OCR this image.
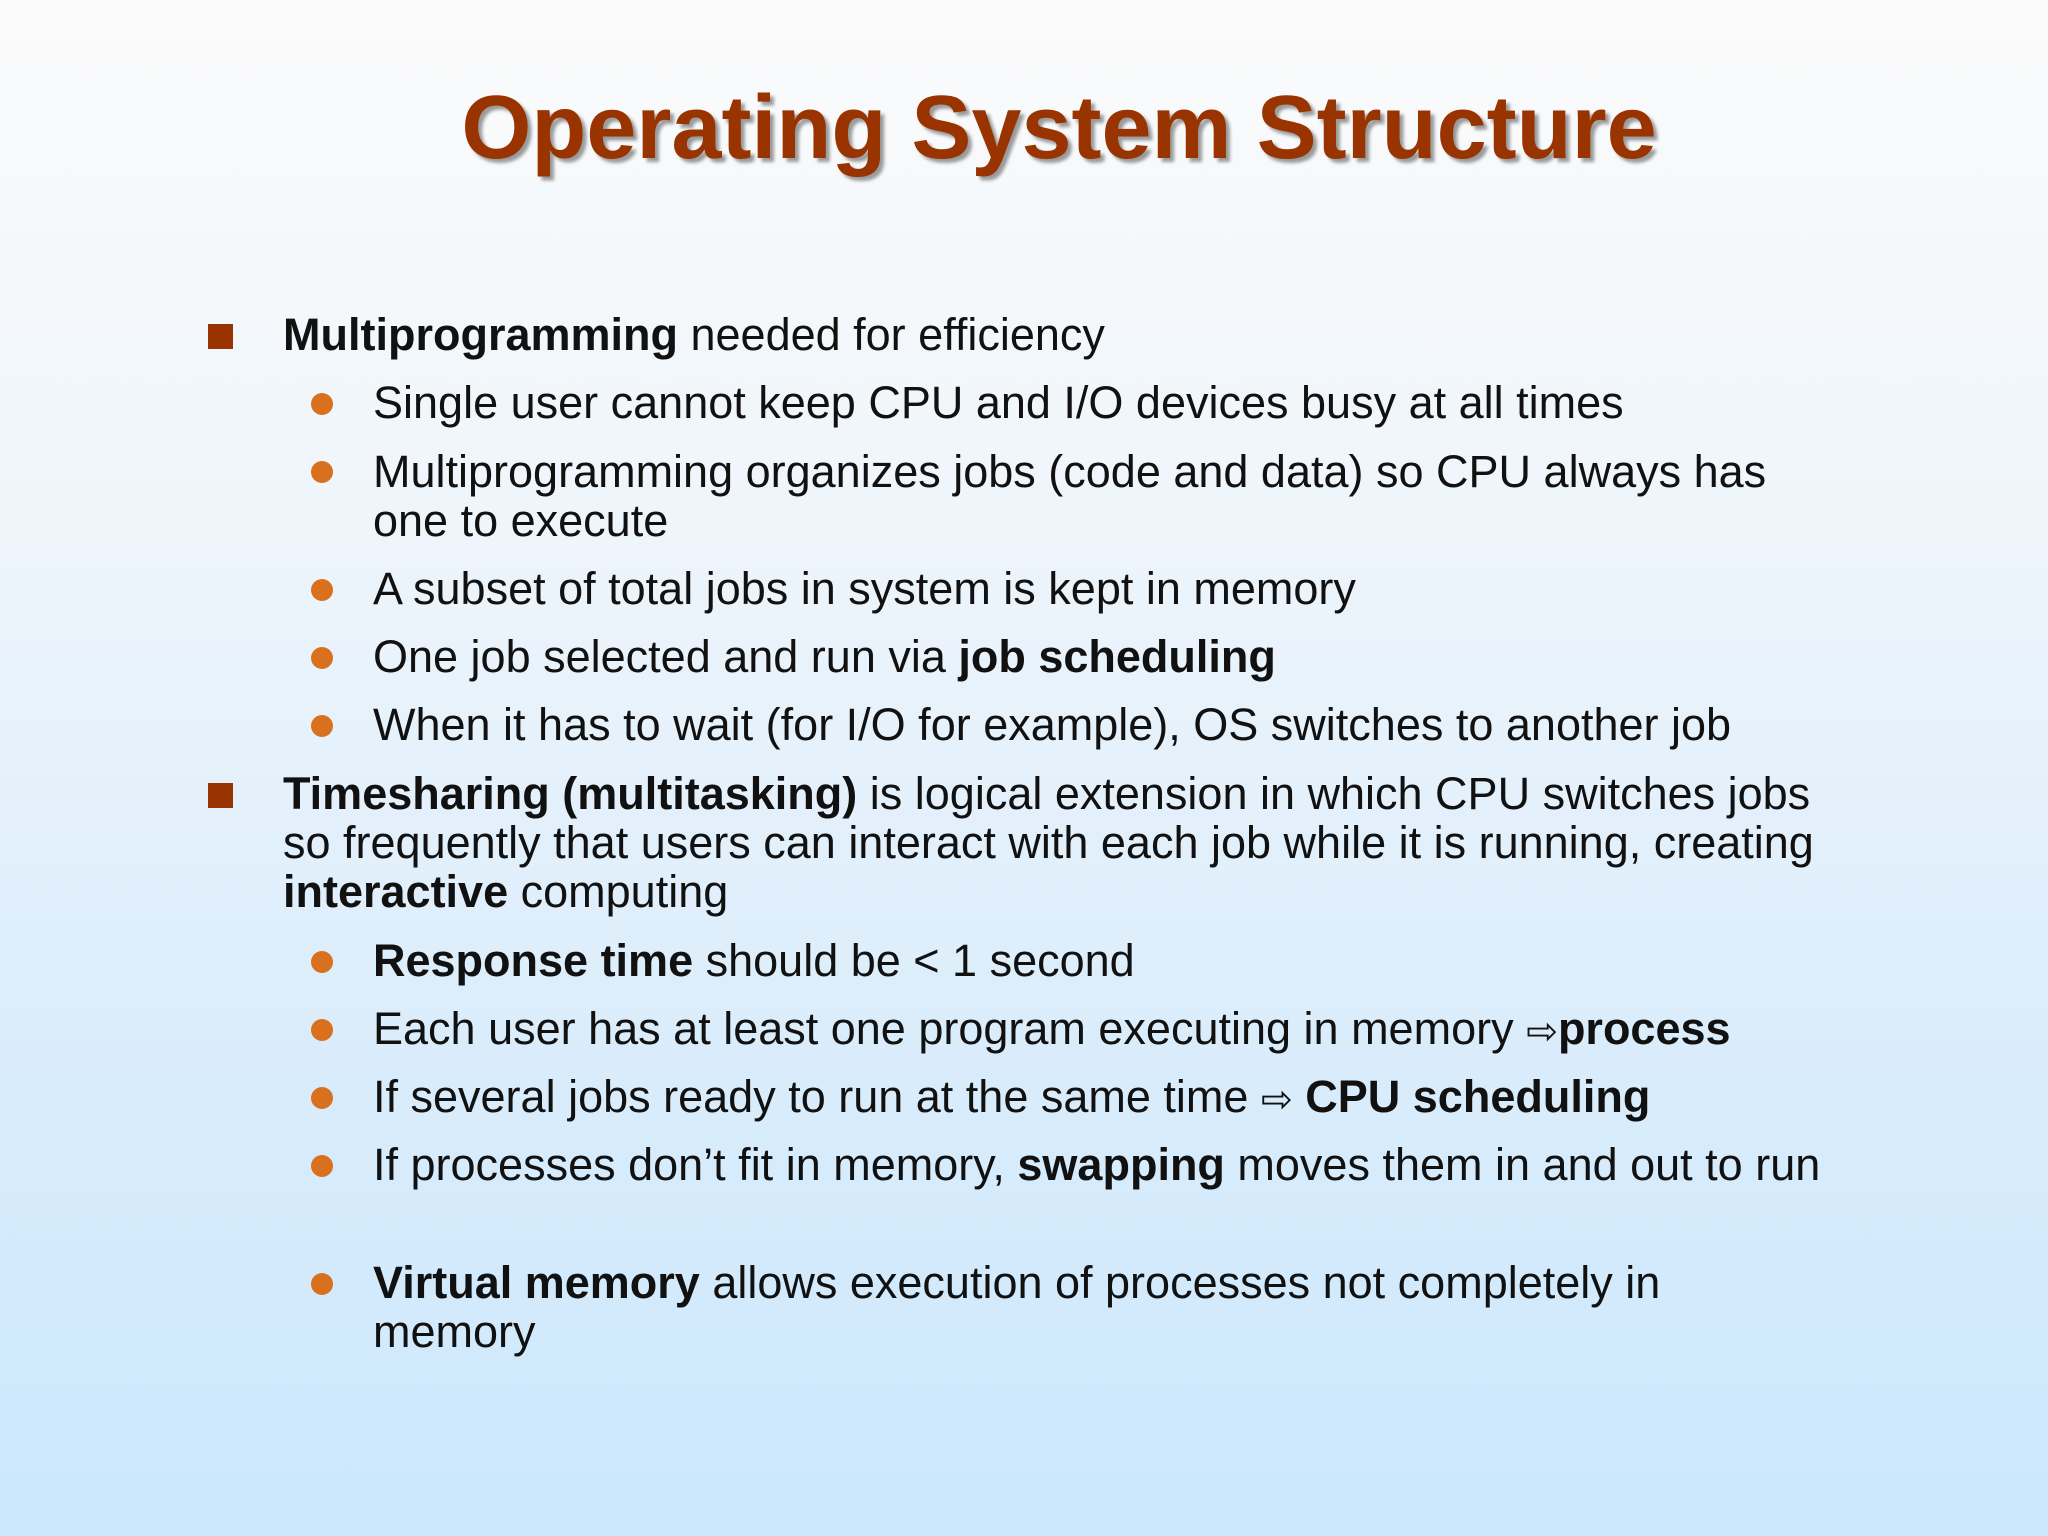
Operating System Structure
Multiprogramming needed for efficiency
Single user cannot keep CPU and I/O devices busy at all times
Multiprogramming organizes jobs (code and data) so CPU always has one to execute
A subset of total jobs in system is kept in memory
One job selected and run via job scheduling
When it has to wait (for I/O for example), OS switches to another job
Timesharing (multitasking) is logical extension in which CPU switches jobs so frequently that users can interact with each job while it is running, creating interactive computing
Response time should be < 1 second
Each user has at least one program executing in memory ⇨process
If several jobs ready to run at the same time ⇨ CPU scheduling
If processes don’t fit in memory, swapping moves them in and out to run
Virtual memory allows execution of processes not completely in memory
